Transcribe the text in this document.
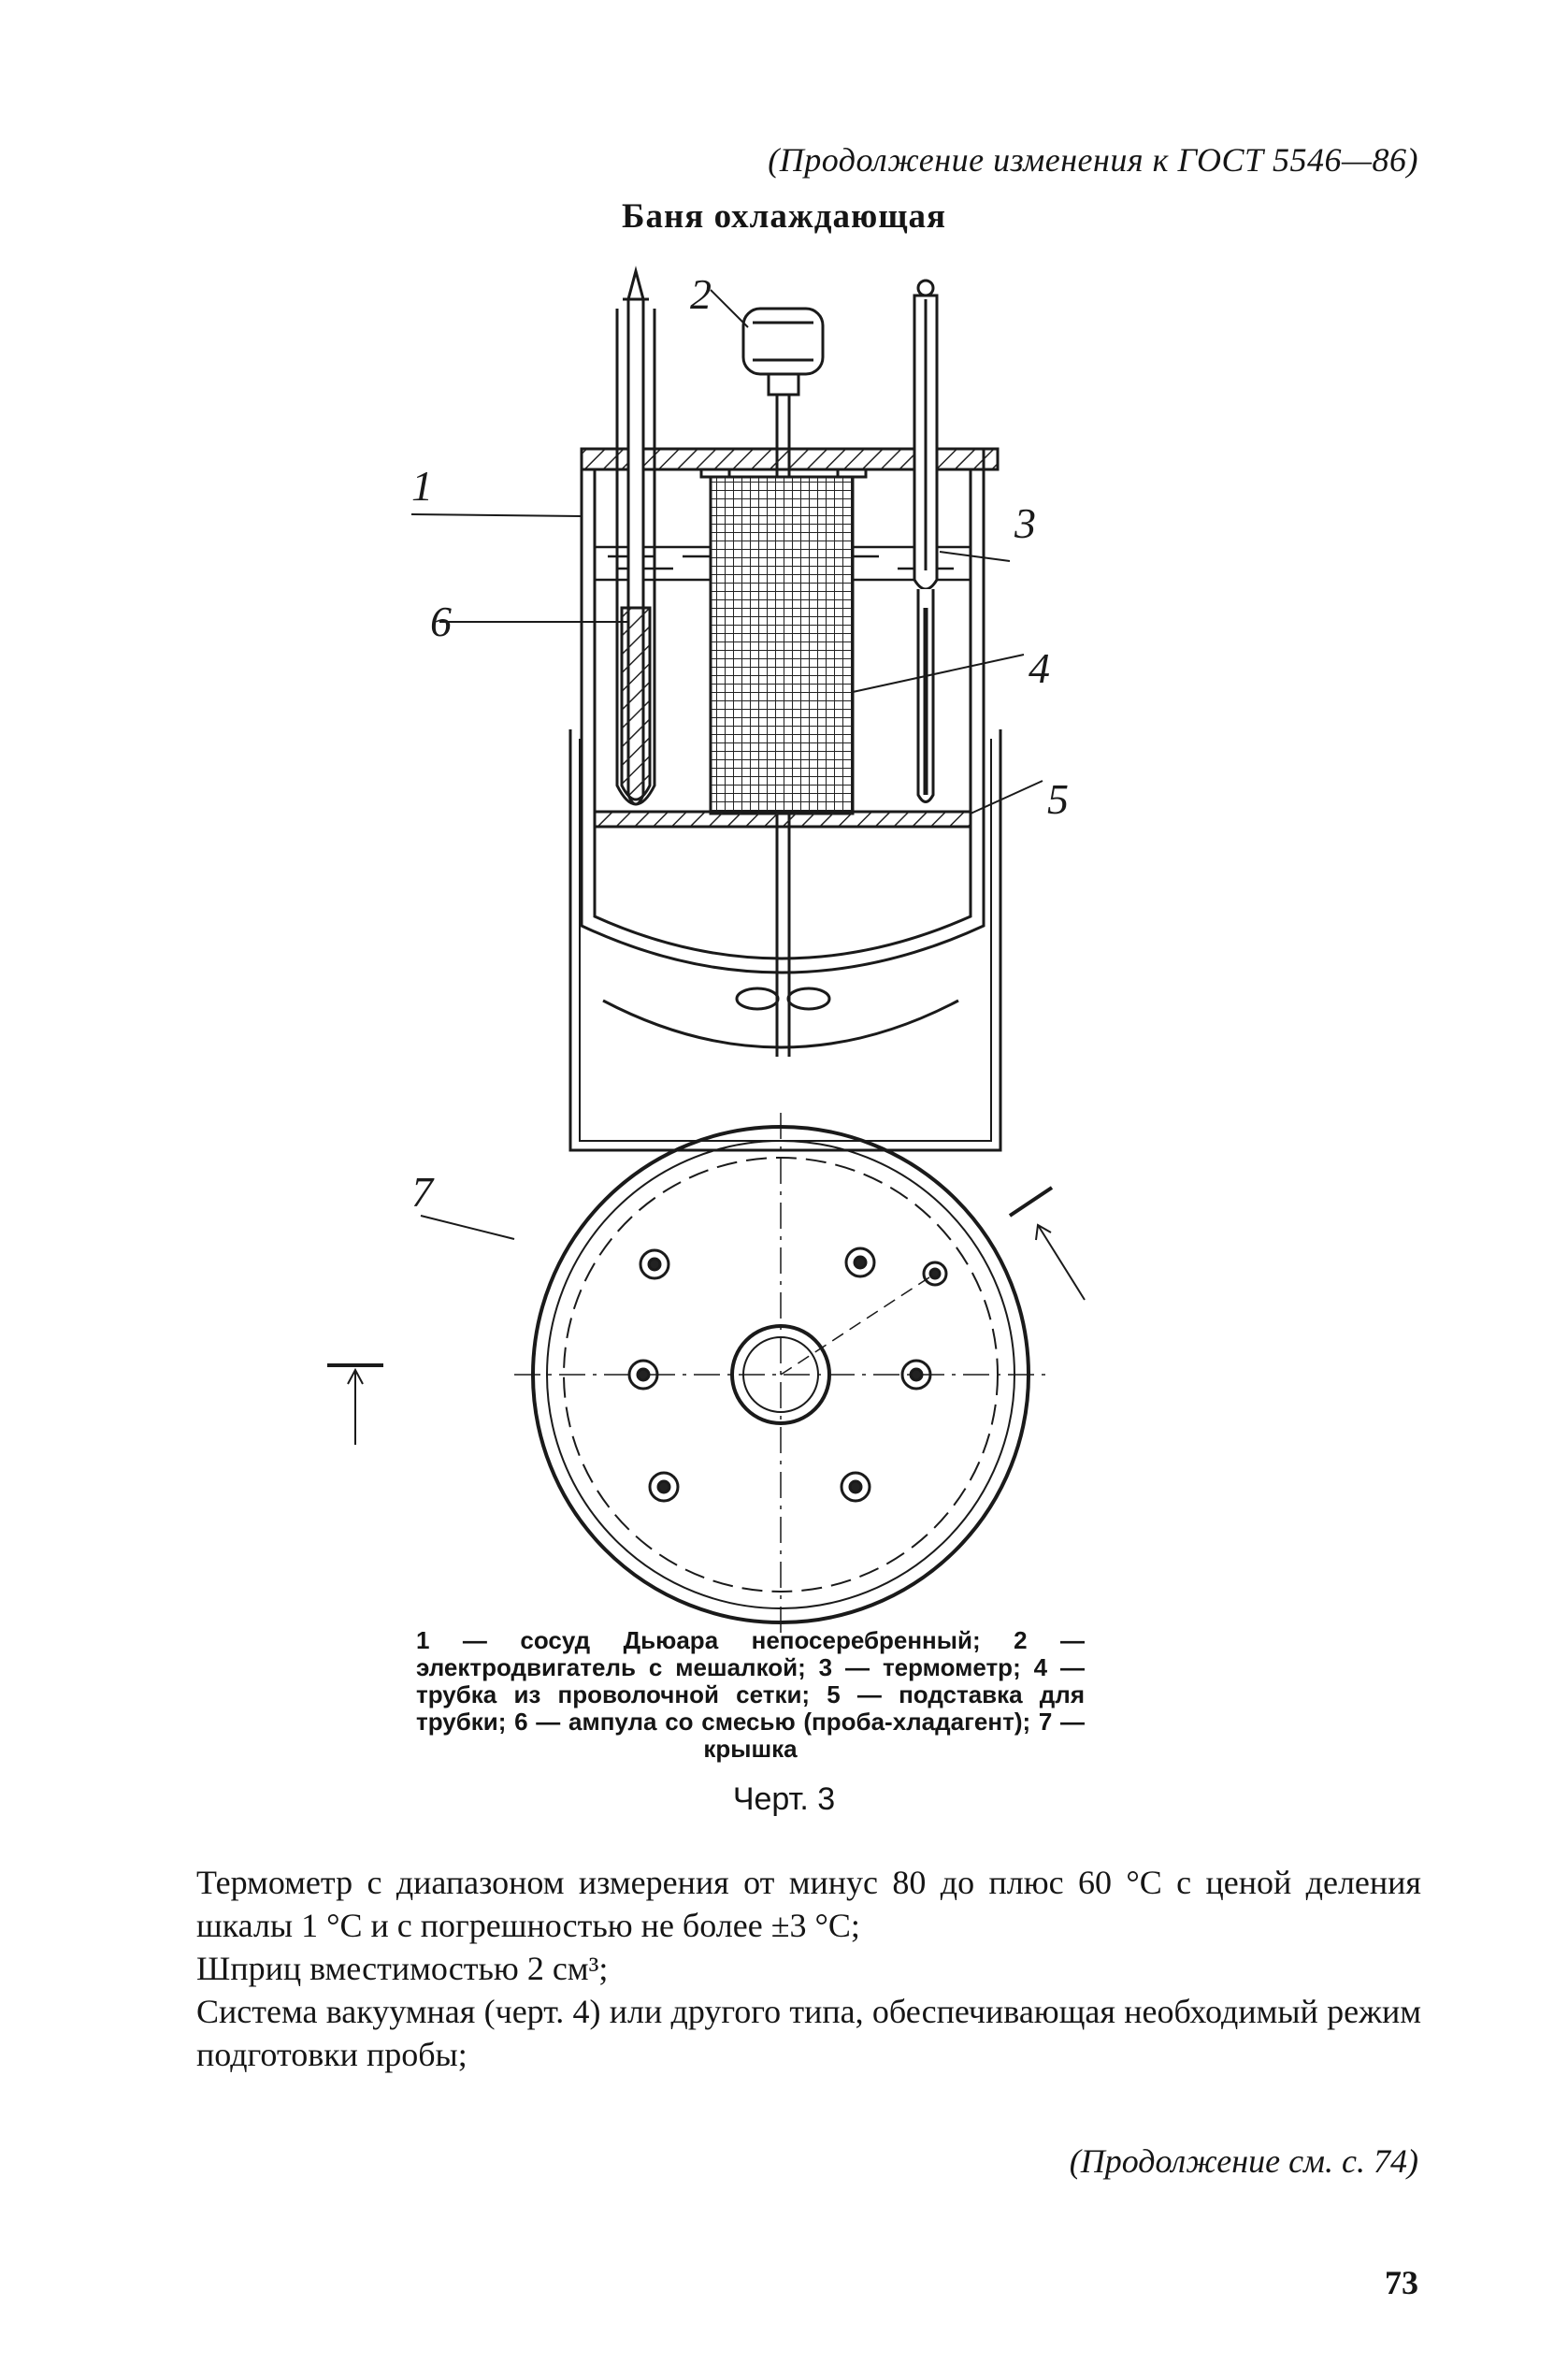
(Продолжение изменения к ГОСТ 5546—86)
Баня охлаждающая
1
2
3
4
5
6
7
1 — сосуд Дьюара непосеребренный; 2 — электродвигатель с мешалкой; 3 — термометр; 4 — трубка из проволочной сетки; 5 — подставка для трубки; 6 — ампула со смесью (проба-хладагент); 7 — крышка
Черт. 3

Термометр с диапазоном измерения от минус 80 до плюс 60 °С с ценой деления шкалы 1 °С и с погрешностью не более ±3 °С;

Шприц вместимостью 2 см³;

Система вакуумная (черт. 4) или другого типа, обеспечивающая необходимый режим подготовки пробы;

(Продолжение см. с. 74)
73
